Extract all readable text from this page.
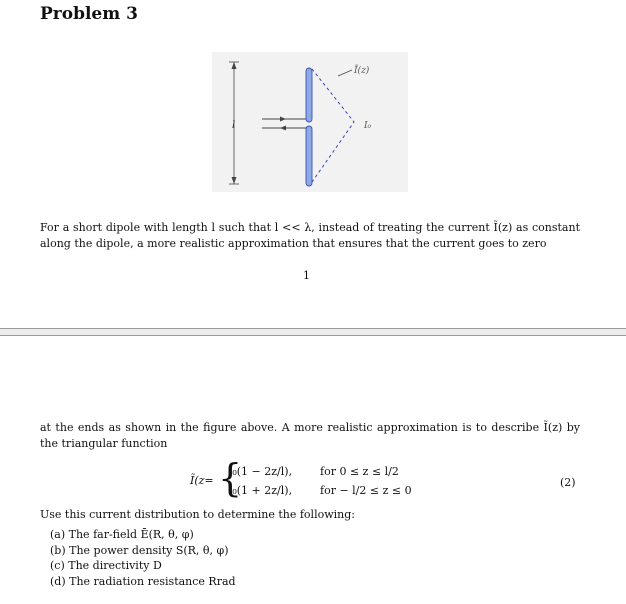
Problem 3
l
Ĩ(z)
I₀
For a short dipole with length l such that l << λ, instead of treating the current Ĩ(z) as constant along the dipole, a more realistic approximation that ensures that the current goes to zero
1
at the ends as shown in the figure above. A more realistic approximation is to describe Ĩ(z) by the triangular function
Ĩ(z= {
I₀(1 − 2z/l),	for 0 ≤ z ≤ l/2
I₀(1 + 2z/l),	for − l/2 ≤ z ≤ 0
(2)
Use this current distribution to determine the following:
(a) The far-field Ē(R, θ, φ)
(b) The power density S(R, θ, φ)
(c) The directivity D
(d) The radiation resistance Rrad
